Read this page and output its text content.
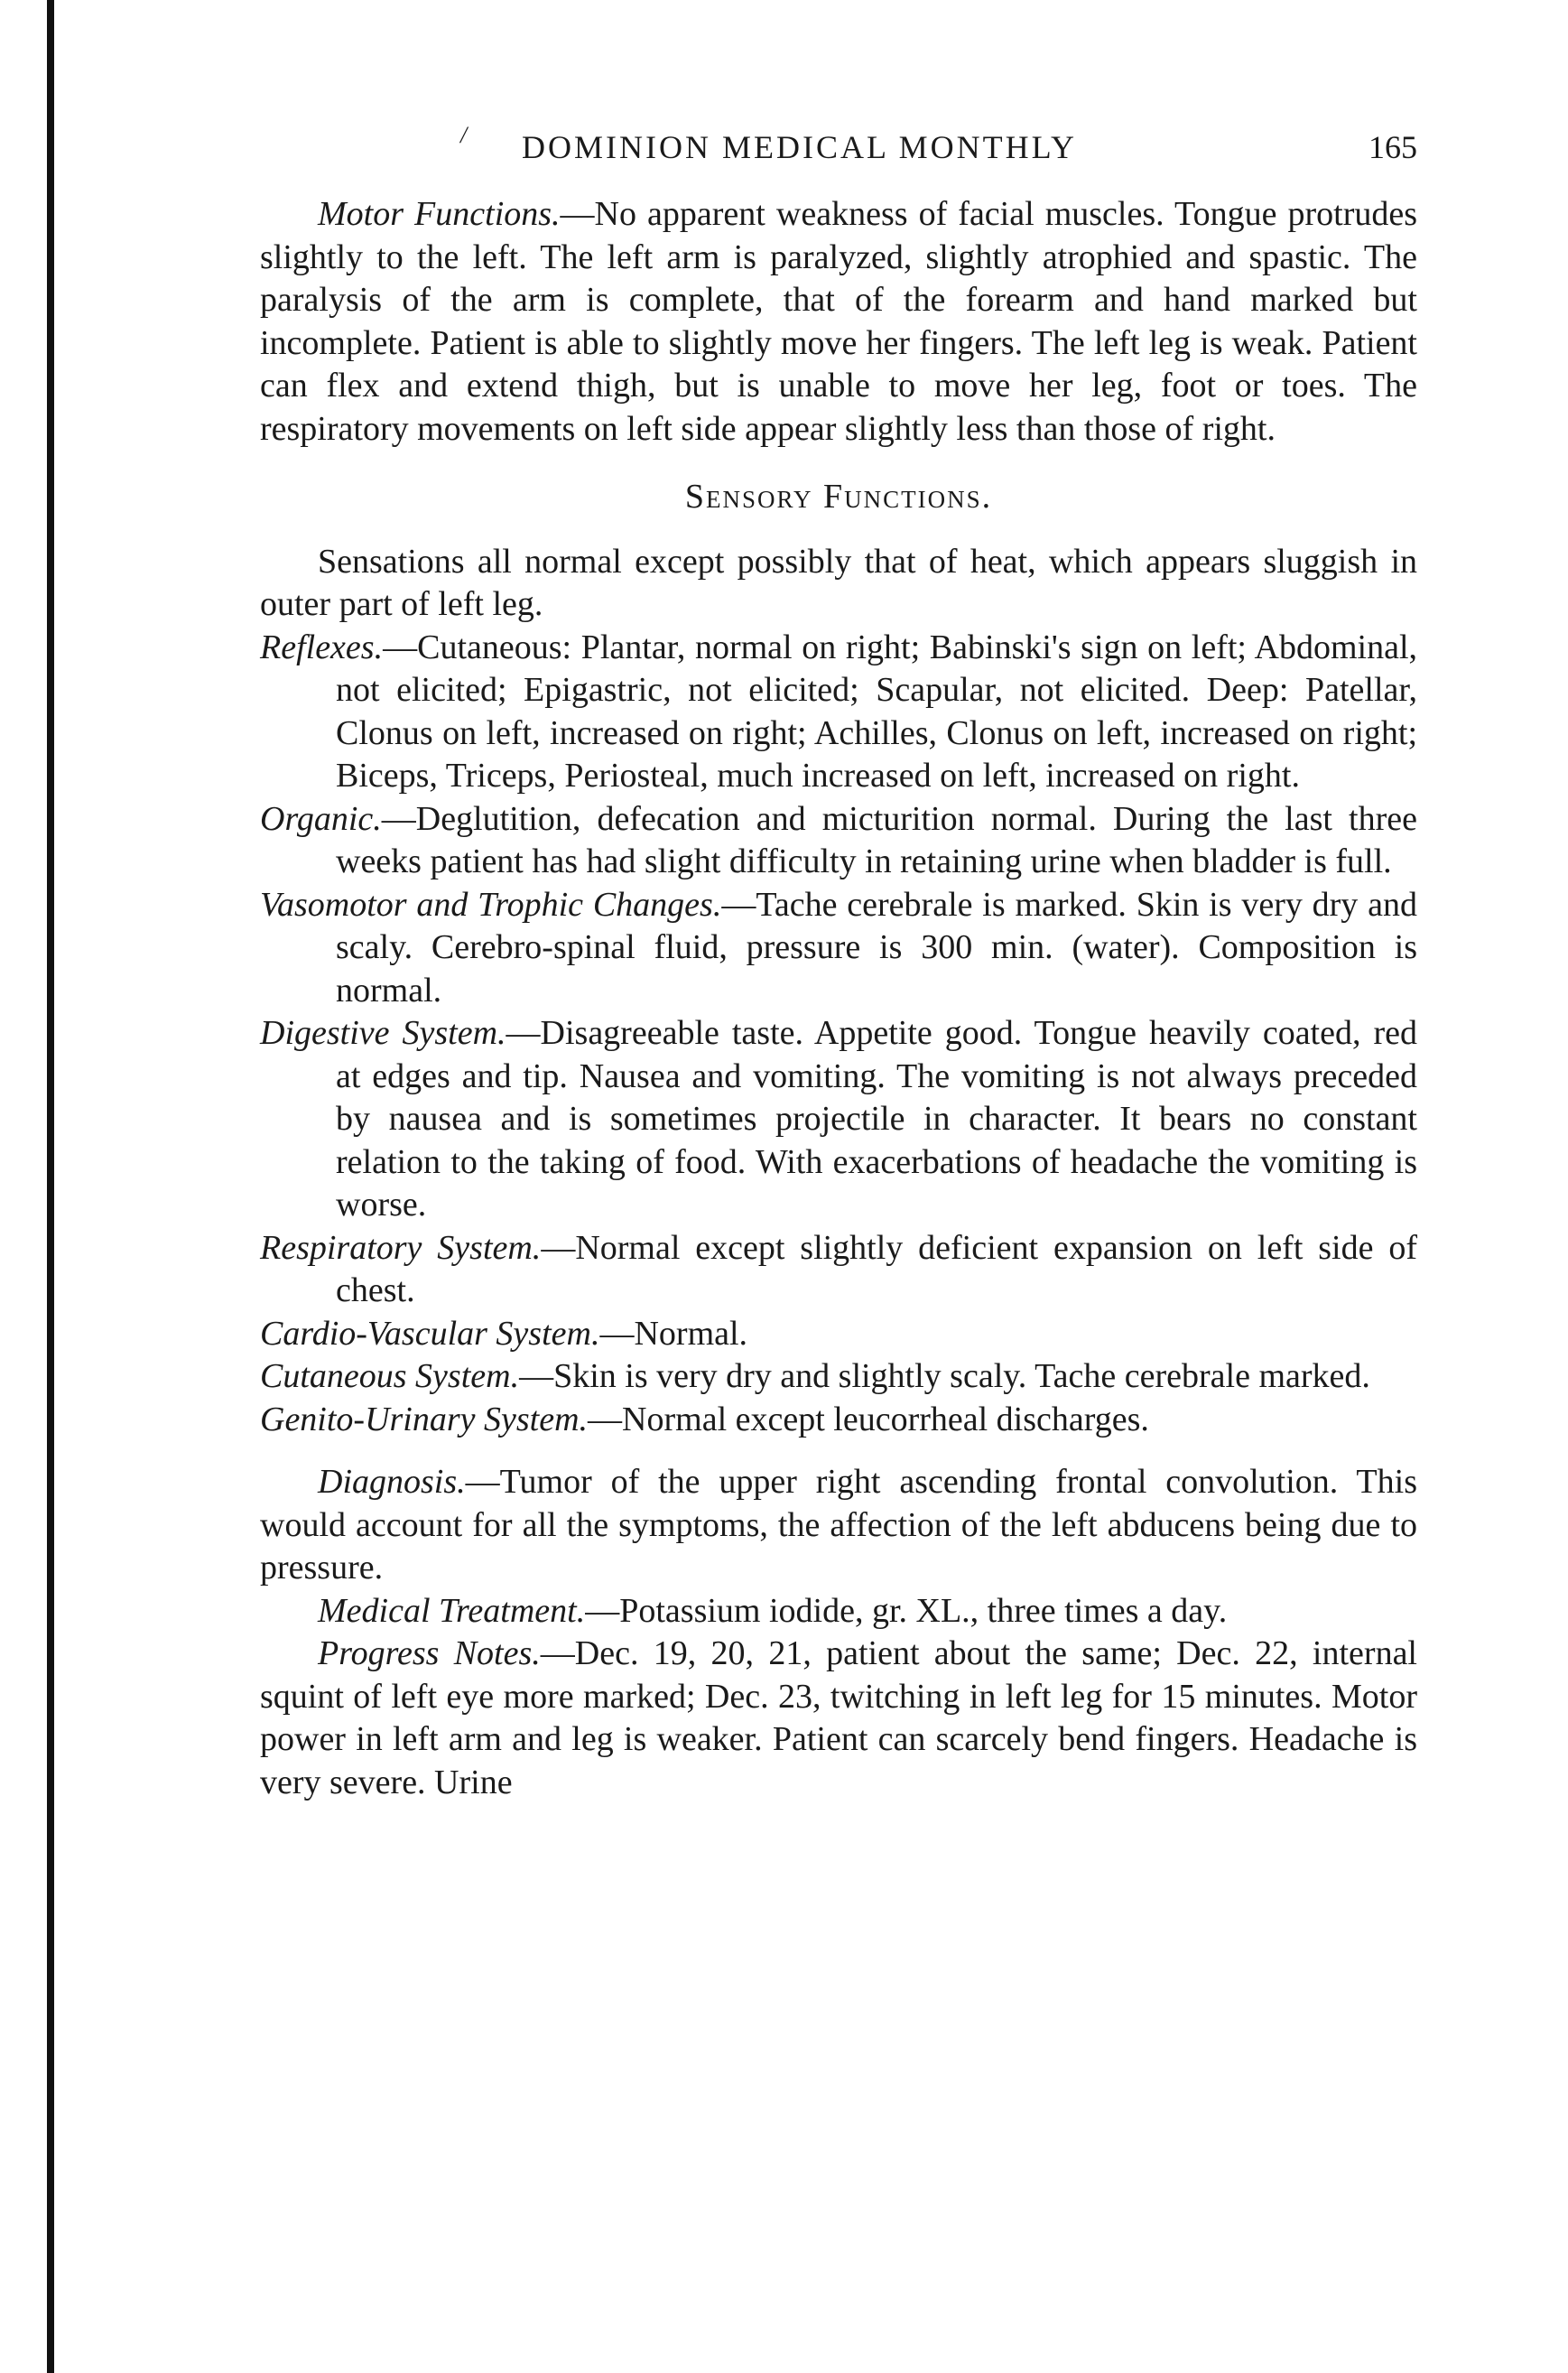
/ DOMINION MEDICAL MONTHLY	165

Motor Functions.—No apparent weakness of facial muscles. Tongue protrudes slightly to the left. The left arm is paralyzed, slightly atrophied and spastic. The paralysis of the arm is complete, that of the forearm and hand marked but incomplete. Patient is able to slightly move her fingers. The left leg is weak. Patient can flex and extend thigh, but is unable to move her leg, foot or toes. The respiratory movements on left side appear slightly less than those of right.

Sensory Functions.

Sensations all normal except possibly that of heat, which appears sluggish in outer part of left leg.

Reflexes.—Cutaneous: Plantar, normal on right; Babinski's sign on left; Abdominal, not elicited; Epigastric, not elicited; Scapular, not elicited. Deep: Patellar, Clonus on left, increased on right; Achilles, Clonus on left, increased on right; Biceps, Triceps, Periosteal, much increased on left, increased on right.

Organic.—Deglutition, defecation and micturition normal. During the last three weeks patient has had slight difficulty in retaining urine when bladder is full.

Vasomotor and Trophic Changes.—Tache cerebrale is marked. Skin is very dry and scaly. Cerebro-spinal fluid, pressure is 300 min. (water). Composition is normal.

Digestive System.—Disagreeable taste. Appetite good. Tongue heavily coated, red at edges and tip. Nausea and vomiting. The vomiting is not always preceded by nausea and is sometimes projectile in character. It bears no constant relation to the taking of food. With exacerbations of headache the vomiting is worse.

Respiratory System.—Normal except slightly deficient expansion on left side of chest.

Cardio-Vascular System.—Normal.

Cutaneous System.—Skin is very dry and slightly scaly. Tache cerebrale marked.

Genito-Urinary System.—Normal except leucorrheal discharges.

Diagnosis.—Tumor of the upper right ascending frontal convolution. This would account for all the symptoms, the affection of the left abducens being due to pressure.

Medical Treatment.—Potassium iodide, gr. XL., three times a day.

Progress Notes.—Dec. 19, 20, 21, patient about the same; Dec. 22, internal squint of left eye more marked; Dec. 23, twitching in left leg for 15 minutes. Motor power in left arm and leg is weaker. Patient can scarcely bend fingers. Headache is very severe. Urine
